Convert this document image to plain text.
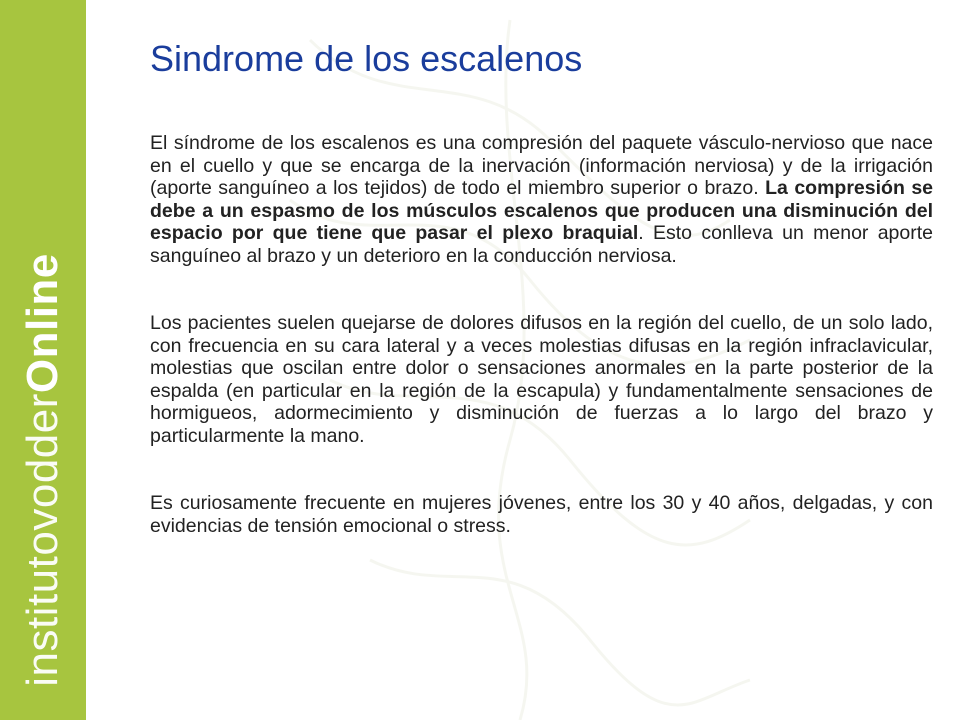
institutovodderOnline
Sindrome de los escalenos

El síndrome de los escalenos es una compresión del paquete vásculo-nervioso que nace en el cuello y que se encarga de la inervación (información nerviosa) y de la irrigación (aporte sanguíneo a los tejidos) de todo el miembro superior o brazo. La compresión se debe a un espasmo de los músculos escalenos que producen una disminución del espacio por que tiene que pasar el plexo braquial. Esto conlleva un menor aporte sanguíneo al brazo y un deterioro en la conducción nerviosa.

Los pacientes suelen quejarse de dolores difusos en la región del cuello, de un solo lado, con frecuencia en su cara lateral y a veces molestias difusas en la región infraclavicular, molestias que oscilan entre dolor o sensaciones anormales en la parte posterior de la espalda (en particular en la región de la escapula) y fundamentalmente sensaciones de hormigueos, adormecimiento y disminución de fuerzas a lo largo del brazo y particularmente la mano.

Es curiosamente frecuente en mujeres jóvenes, entre los 30 y 40 años, delgadas, y con evidencias de tensión emocional o stress.
